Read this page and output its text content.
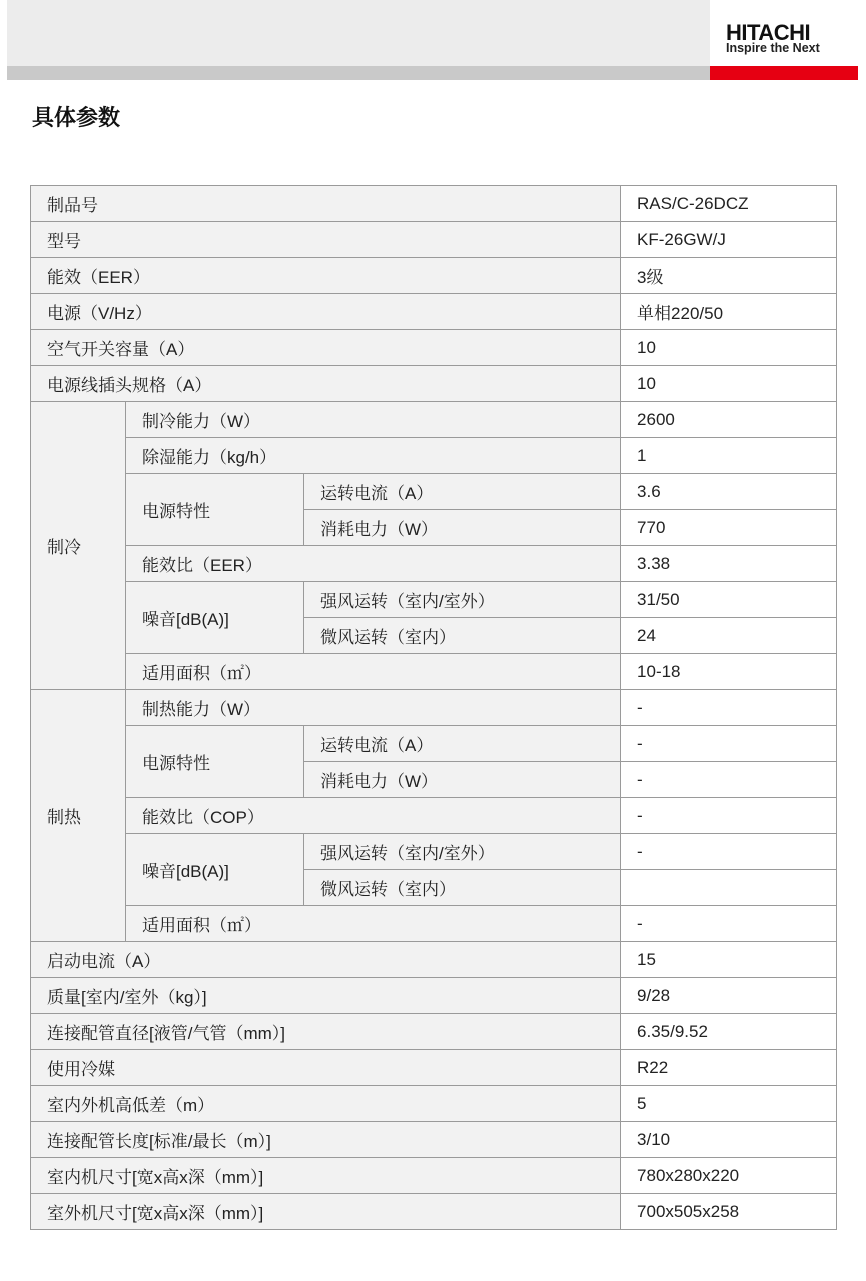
HITACHI
Inspire the Next
具体参数
制品号			RAS/C-26DCZ
型号			KF-26GW/J
能效（EER）			3级
电源（V/Hz）			单相220/50
空气开关容量（A）			10
电源线插头规格（A）			10
制冷	制冷能力（W）		2600
	除湿能力（kg/h）		1
	电源特性	运转电流（A）	3.6
		消耗电力（W）	770
	能效比（EER）		3.38
	噪音[dB(A)]	强风运转（室内/室外）	31/50
		微风运转（室内）	24
	适用面积（㎡）		10-18
制热	制热能力（W）		-
	电源特性	运转电流（A）	-
		消耗电力（W）	-
	能效比（COP）		-
	噪音[dB(A)]	强风运转（室内/室外）	-
		微风运转（室内）	
	适用面积（㎡）		-
启动电流（A）			15
质量[室内/室外（kg）]			9/28
连接配管直径[液管/气管（mm）]			6.35/9.52
使用冷媒			R22
室内外机高低差（m）			5
连接配管长度[标准/最长（m）]			3/10
室内机尺寸[宽x高x深（mm）]			780x280x220
室外机尺寸[宽x高x深（mm）]			700x505x258
